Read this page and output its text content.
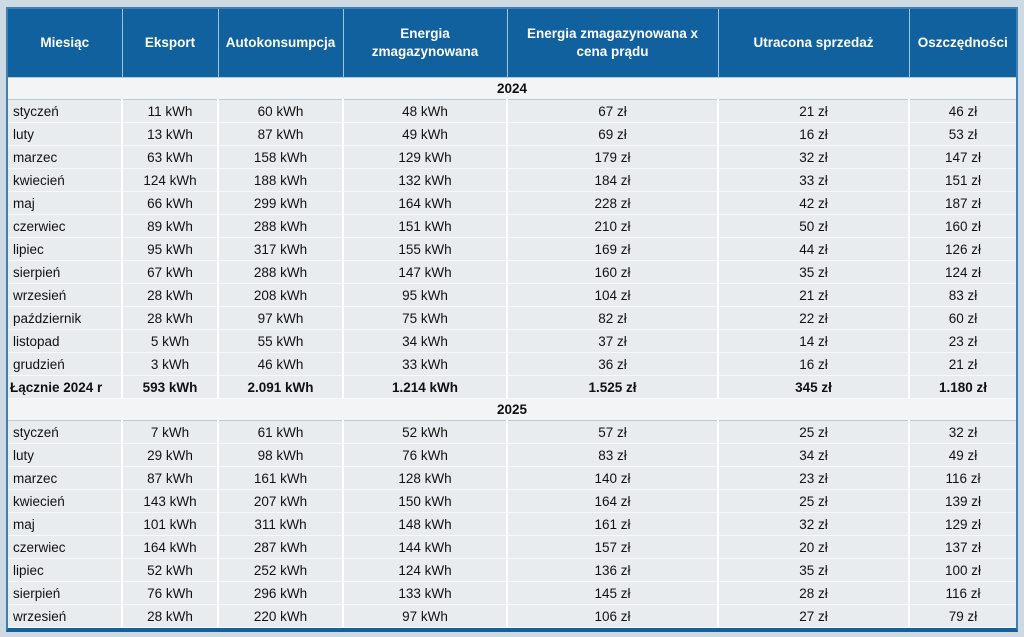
Miesiąc	Eksport	Autokonsumpcja	Energia zmagazynowana	Energia zmagazynowana x cena prądu	Utracona sprzedaż	Oszczędności
2024						
styczeń	11 kWh	60 kWh	48 kWh	67 zł	21 zł	46 zł
luty	13 kWh	87 kWh	49 kWh	69 zł	16 zł	53 zł
marzec	63 kWh	158 kWh	129 kWh	179 zł	32 zł	147 zł
kwiecień	124 kWh	188 kWh	132 kWh	184 zł	33 zł	151 zł
maj	66 kWh	299 kWh	164 kWh	228 zł	42 zł	187 zł
czerwiec	89 kWh	288 kWh	151 kWh	210 zł	50 zł	160 zł
lipiec	95 kWh	317 kWh	155 kWh	169 zł	44 zł	126 zł
sierpień	67 kWh	288 kWh	147 kWh	160 zł	35 zł	124 zł
wrzesień	28 kWh	208 kWh	95 kWh	104 zł	21 zł	83 zł
październik	28 kWh	97 kWh	75 kWh	82 zł	22 zł	60 zł
listopad	5 kWh	55 kWh	34 kWh	37 zł	14 zł	23 zł
grudzień	3 kWh	46 kWh	33 kWh	36 zł	16 zł	21 zł
Łącznie 2024 r	593 kWh	2.091 kWh	1.214 kWh	1.525 zł	345 zł	1.180 zł
2025						
styczeń	7 kWh	61 kWh	52 kWh	57 zł	25 zł	32 zł
luty	29 kWh	98 kWh	76 kWh	83 zł	34 zł	49 zł
marzec	87 kWh	161 kWh	128 kWh	140 zł	23 zł	116 zł
kwiecień	143 kWh	207 kWh	150 kWh	164 zł	25 zł	139 zł
maj	101 kWh	311 kWh	148 kWh	161 zł	32 zł	129 zł
czerwiec	164 kWh	287 kWh	144 kWh	157 zł	20 zł	137 zł
lipiec	52 kWh	252 kWh	124 kWh	136 zł	35 zł	100 zł
sierpień	76 kWh	296 kWh	133 kWh	145 zł	28 zł	116 zł
wrzesień	28 kWh	220 kWh	97 kWh	106 zł	27 zł	79 zł
